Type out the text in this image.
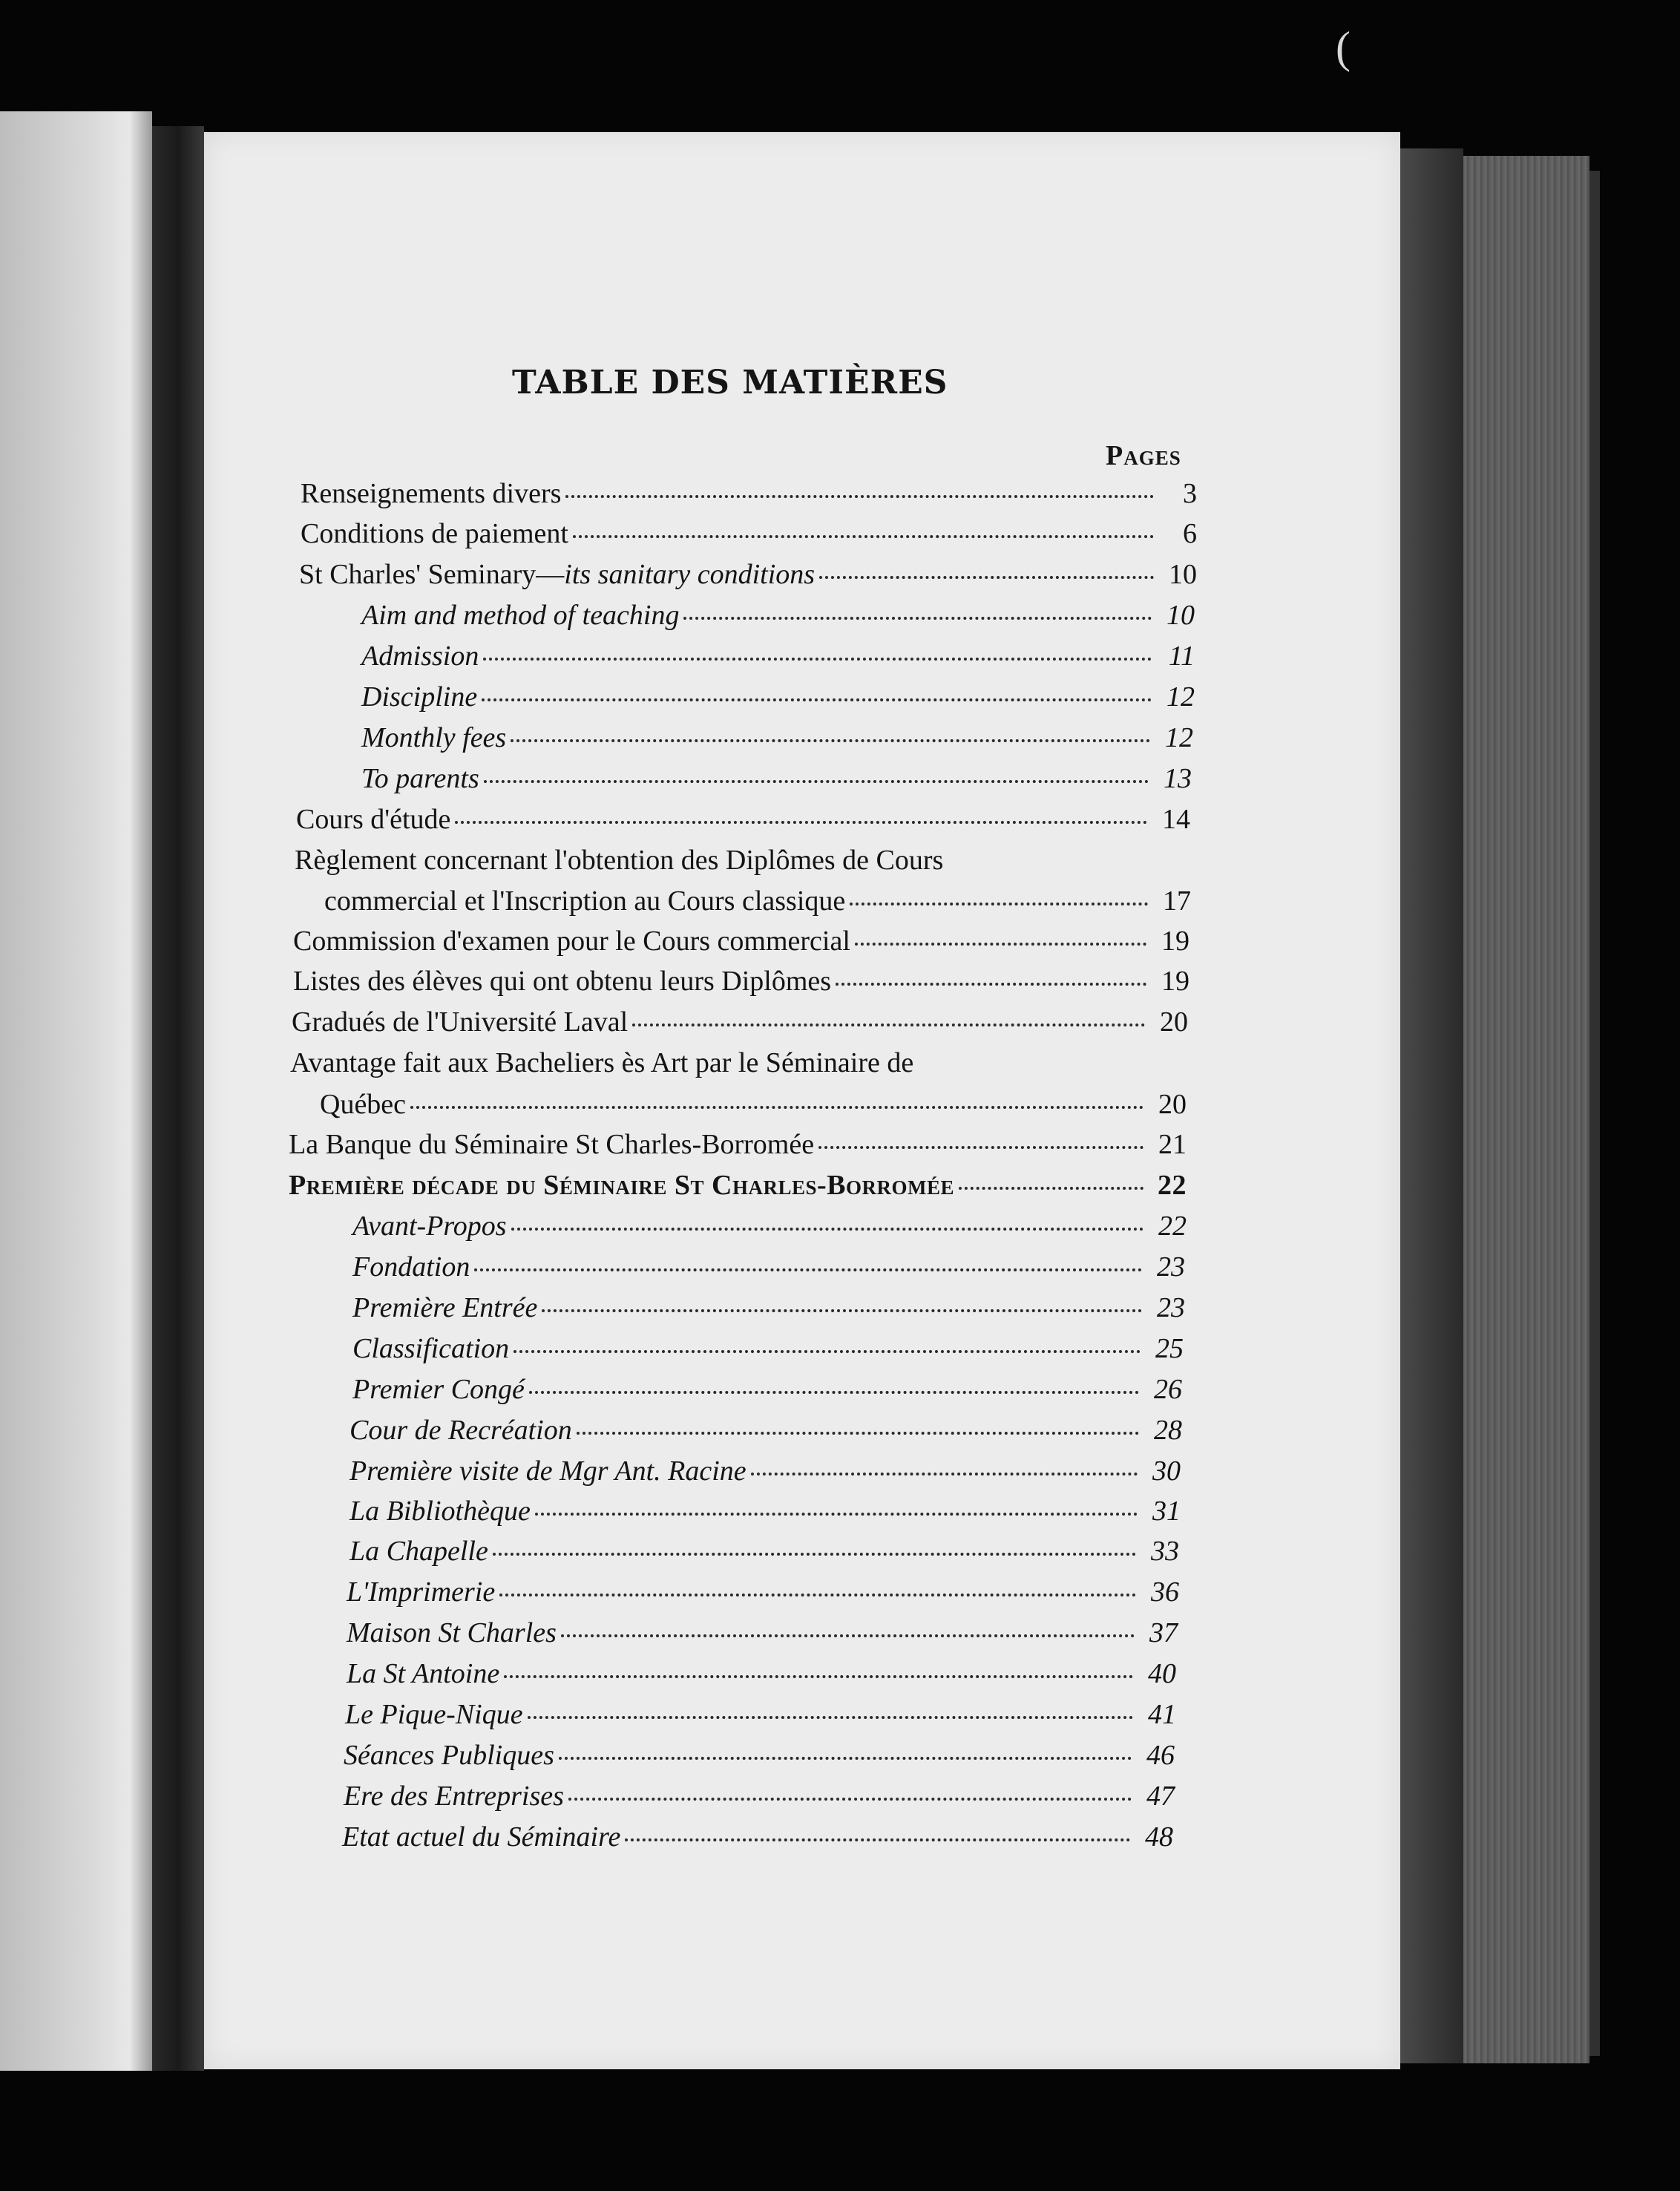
(
TABLE DES MATIÈRES
Pages
Renseignements divers	3
Conditions de paiement	6
St Charles' Seminary—its sanitary conditions	10
Aim and method of teaching	10
Admission	11
Discipline	12
Monthly fees	12
To parents	13
Cours d'étude	14
Règlement concernant l'obtention des Diplômes de Cours
commercial et l'Inscription au Cours classique	17
Commission d'examen pour le Cours commercial	19
Listes des élèves qui ont obtenu leurs Diplômes	19
Gradués de l'Université Laval	20
Avantage fait aux Bacheliers ès Art par le Séminaire de
Québec	20
La Banque du Séminaire St Charles-Borromée	21
Première décade du Séminaire St Charles-Borromée	22
Avant-Propos	22
Fondation	23
Première Entrée	23
Classification	25
Premier Congé	26
Cour de Recréation	28
Première visite de Mgr Ant. Racine	30
La Bibliothèque	31
La Chapelle	33
L'Imprimerie	36
Maison St Charles	37
La St Antoine	40
Le Pique-Nique	41
Séances Publiques	46
Ere des Entreprises	47
Etat actuel du Séminaire	48
